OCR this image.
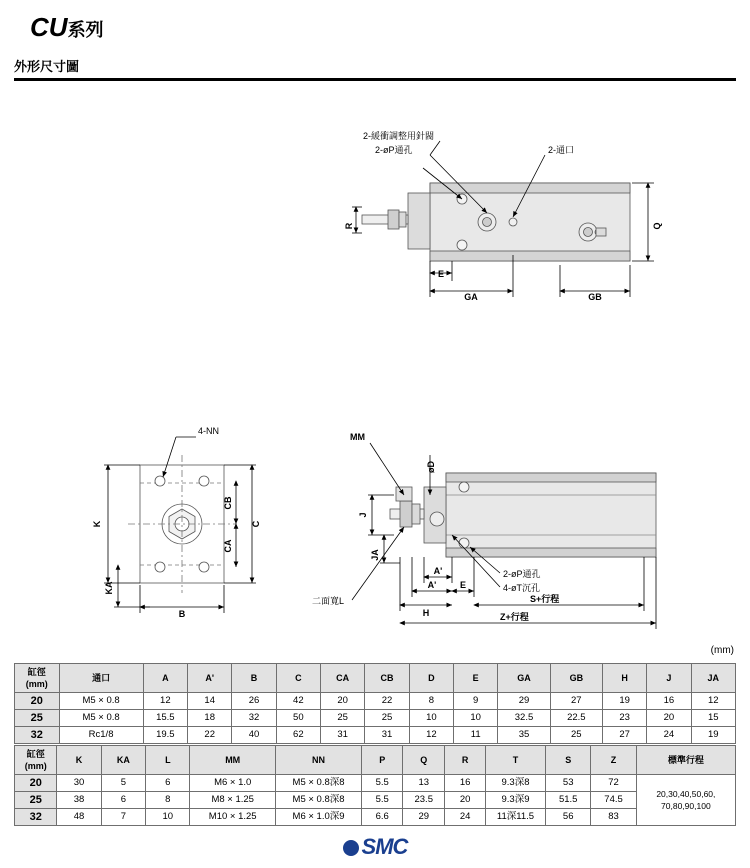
CU系列
外形尺寸圖
2-緩衝調整用針閥
2-øP通孔	2-通口
R	Q
E
GA	GB
4-NN
K
KA
B
C
CB
CA
MM
øD
J
JA
二面寬L
A'
A'	E
H
2-øP通孔
4-øT沉孔
S+行程
Z+行程
(mm)
缸徑
(mm)	通口	A	A'	B	C	CA	CB	D	E	GA	GB	H	J	JA
20	M5 × 0.8	12	14	26	42	20	22	8	9	29	27	19	16	12
25	M5 × 0.8	15.5	18	32	50	25	25	10	10	32.5	22.5	23	20	15
32	Rc1/8	19.5	22	40	62	31	31	12	11	35	25	27	24	19
缸徑
(mm)	K	KA	L	MM	NN	P	Q	R	T	S	Z	標準行程
20	30	5	6	M6 × 1.0	M5 × 0.8深8	5.5	13	16	9.3深8	53	72	20,30,40,50,60,
70,80,90,100

25	38	6	8	M8 × 1.25	M5 × 0.8深8	5.5	23.5	20	9.3深9	51.5	74.5	
32	48	7	10	M10 × 1.25	M6 × 1.0深9	6.6	29	24	11深11.5	56	83	
SMC
